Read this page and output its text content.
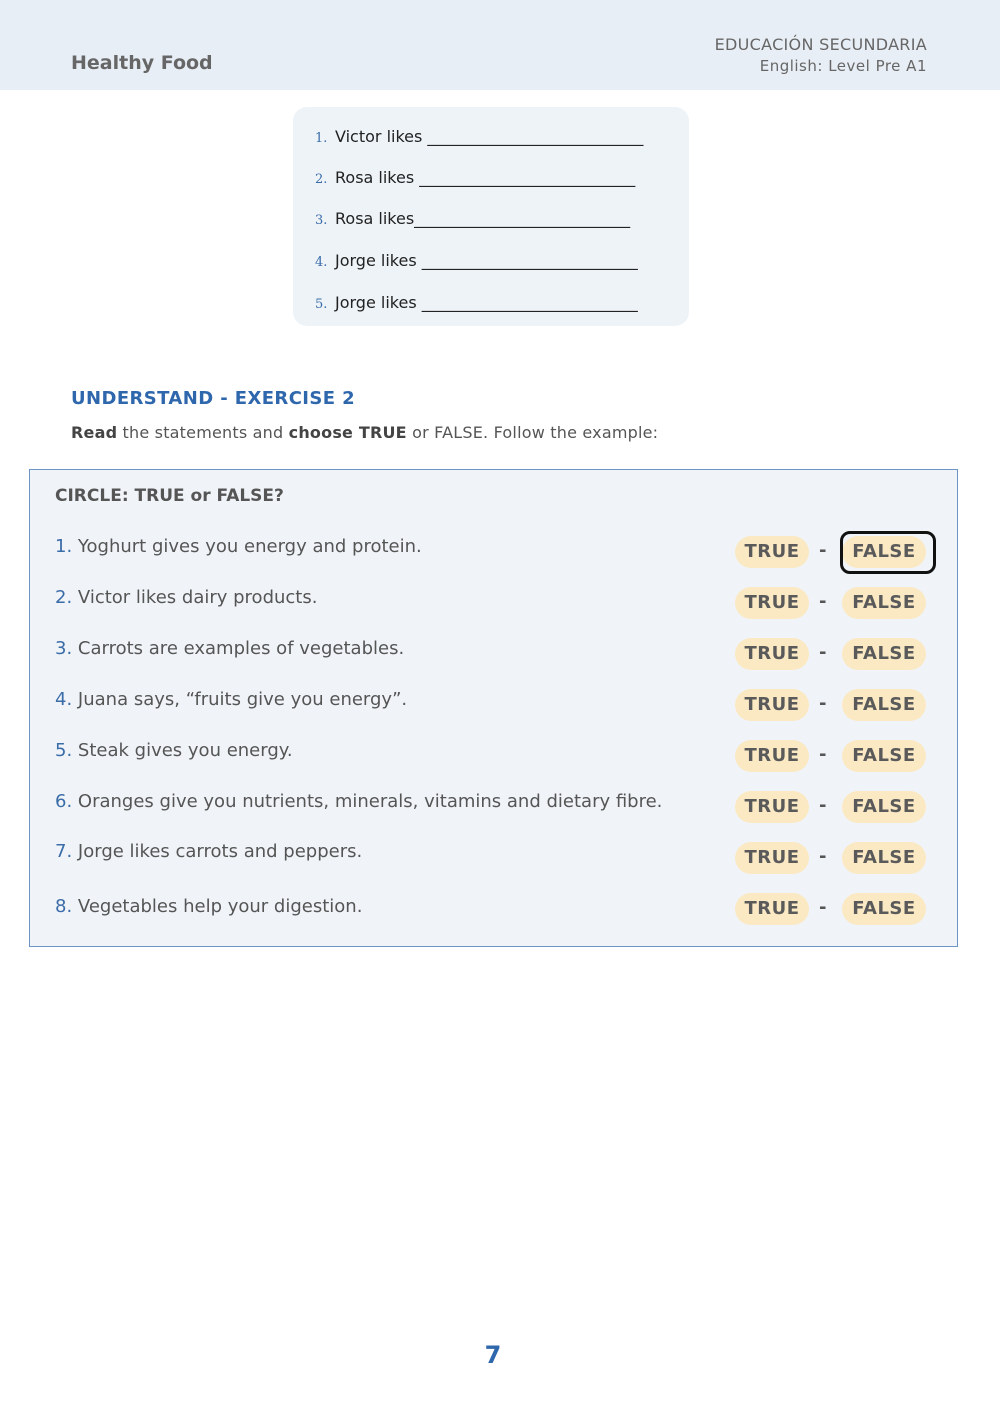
Healthy Food
EDUCACIÓN SECUNDARIA
English: Level Pre A1
1. Victor likes ___________________________
2. Rosa likes ___________________________
3. Rosa likes___________________________
4. Jorge likes ___________________________
5. Jorge likes ___________________________
UNDERSTAND - EXERCISE 2
Read the statements and choose TRUE or FALSE. Follow the example:
CIRCLE: TRUE or FALSE?
1. Yoghurt gives you energy and protein.	TRUE	-	FALSE
2. Victor likes dairy products.	TRUE	-	FALSE
3. Carrots are examples of vegetables.	TRUE	-	FALSE
4. Juana says, “fruits give you energy”.	TRUE	-	FALSE
5. Steak gives you energy.	TRUE	-	FALSE
6. Oranges give you nutrients, minerals, vitamins and dietary fibre.	TRUE	-	FALSE
7. Jorge likes carrots and peppers.	TRUE	-	FALSE
8. Vegetables help your digestion.	TRUE	-	FALSE
7
